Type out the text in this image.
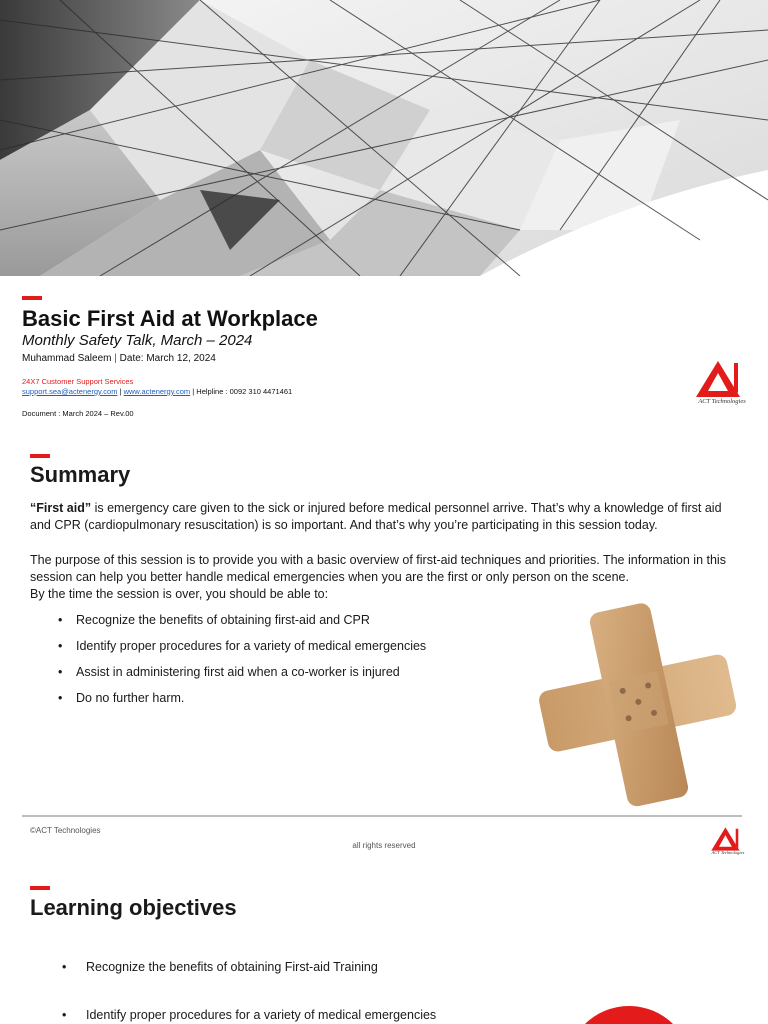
Basic First Aid at Workplace
Monthly Safety Talk, March – 2024
Muhammad Saleem | Date: March 12, 2024
24X7 Customer Support Services
support.sea@actenergy.com | www.actenergy.com | Helpline : 0092 310 4471461
Document : March 2024 – Rev.00
ACT Technologies
Summary

“First aid” is emergency care given to the sick or injured before medical personnel arrive. That’s why a knowledge of first aid and CPR (cardiopulmonary resuscitation) is so important. And that’s why you’re participating in this session today.

The purpose of this session is to provide you with a basic overview of first-aid techniques and priorities. The information in this session can help you better handle medical emergencies when you are the first or only person on the scene.

By the time the session is over, you should be able to:

• Recognize the benefits of obtaining first-aid and CPR
• Identify proper procedures for a variety of medical emergencies
• Assist in administering first aid when a co-worker is injured
• Do no further harm.
©ACT Technologies
all rights reserved
ACT Technologies
Learning objectives
• Recognize the benefits of obtaining First-aid Training
• Identify proper procedures for a variety of medical emergencies
